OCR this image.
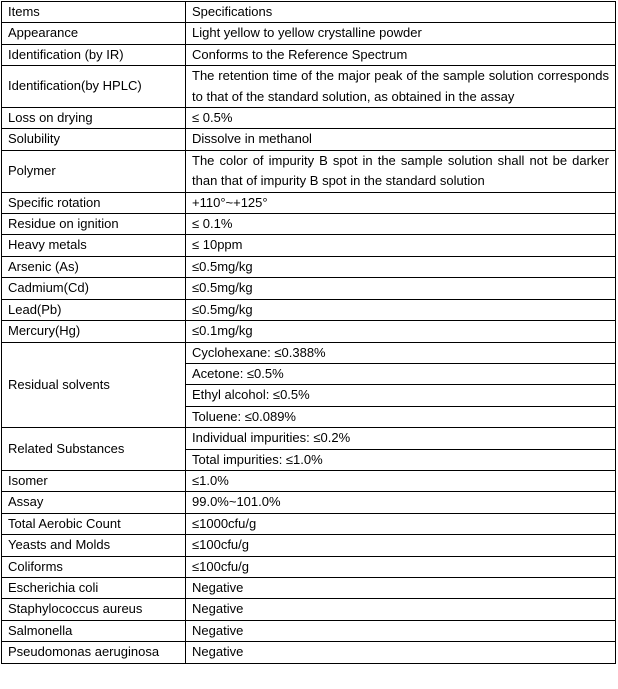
Items	Specifications
Appearance	Light yellow to yellow crystalline powder
Identification (by IR)	Conforms to the Reference Spectrum
Identification(by HPLC)	The retention time of the major peak of the sample solution corresponds to that of the standard solution, as obtained in the assay
Loss on drying	≤ 0.5%
Solubility	Dissolve in methanol
Polymer	The color of impurity B spot in the sample solution shall not be darker than that of impurity B spot in the standard solution
Specific rotation	+110°~+125°
Residue on ignition	≤ 0.1%
Heavy metals	≤ 10ppm
Arsenic (As)	≤0.5mg/kg
Cadmium(Cd)	≤0.5mg/kg
Lead(Pb)	≤0.5mg/kg
Mercury(Hg)	≤0.1mg/kg
Residual solvents	Cyclohexane: ≤0.388%
	Acetone: ≤0.5%
	Ethyl alcohol: ≤0.5%
	Toluene: ≤0.089%
Related Substances	Individual impurities: ≤0.2%
	Total impurities: ≤1.0%
Isomer	≤1.0%
Assay	99.0%~101.0%
Total Aerobic Count	≤1000cfu/g
Yeasts and Molds	≤100cfu/g
Coliforms	≤100cfu/g
Escherichia coli	Negative
Staphylococcus aureus	Negative
Salmonella	Negative
Pseudomonas aeruginosa	Negative
